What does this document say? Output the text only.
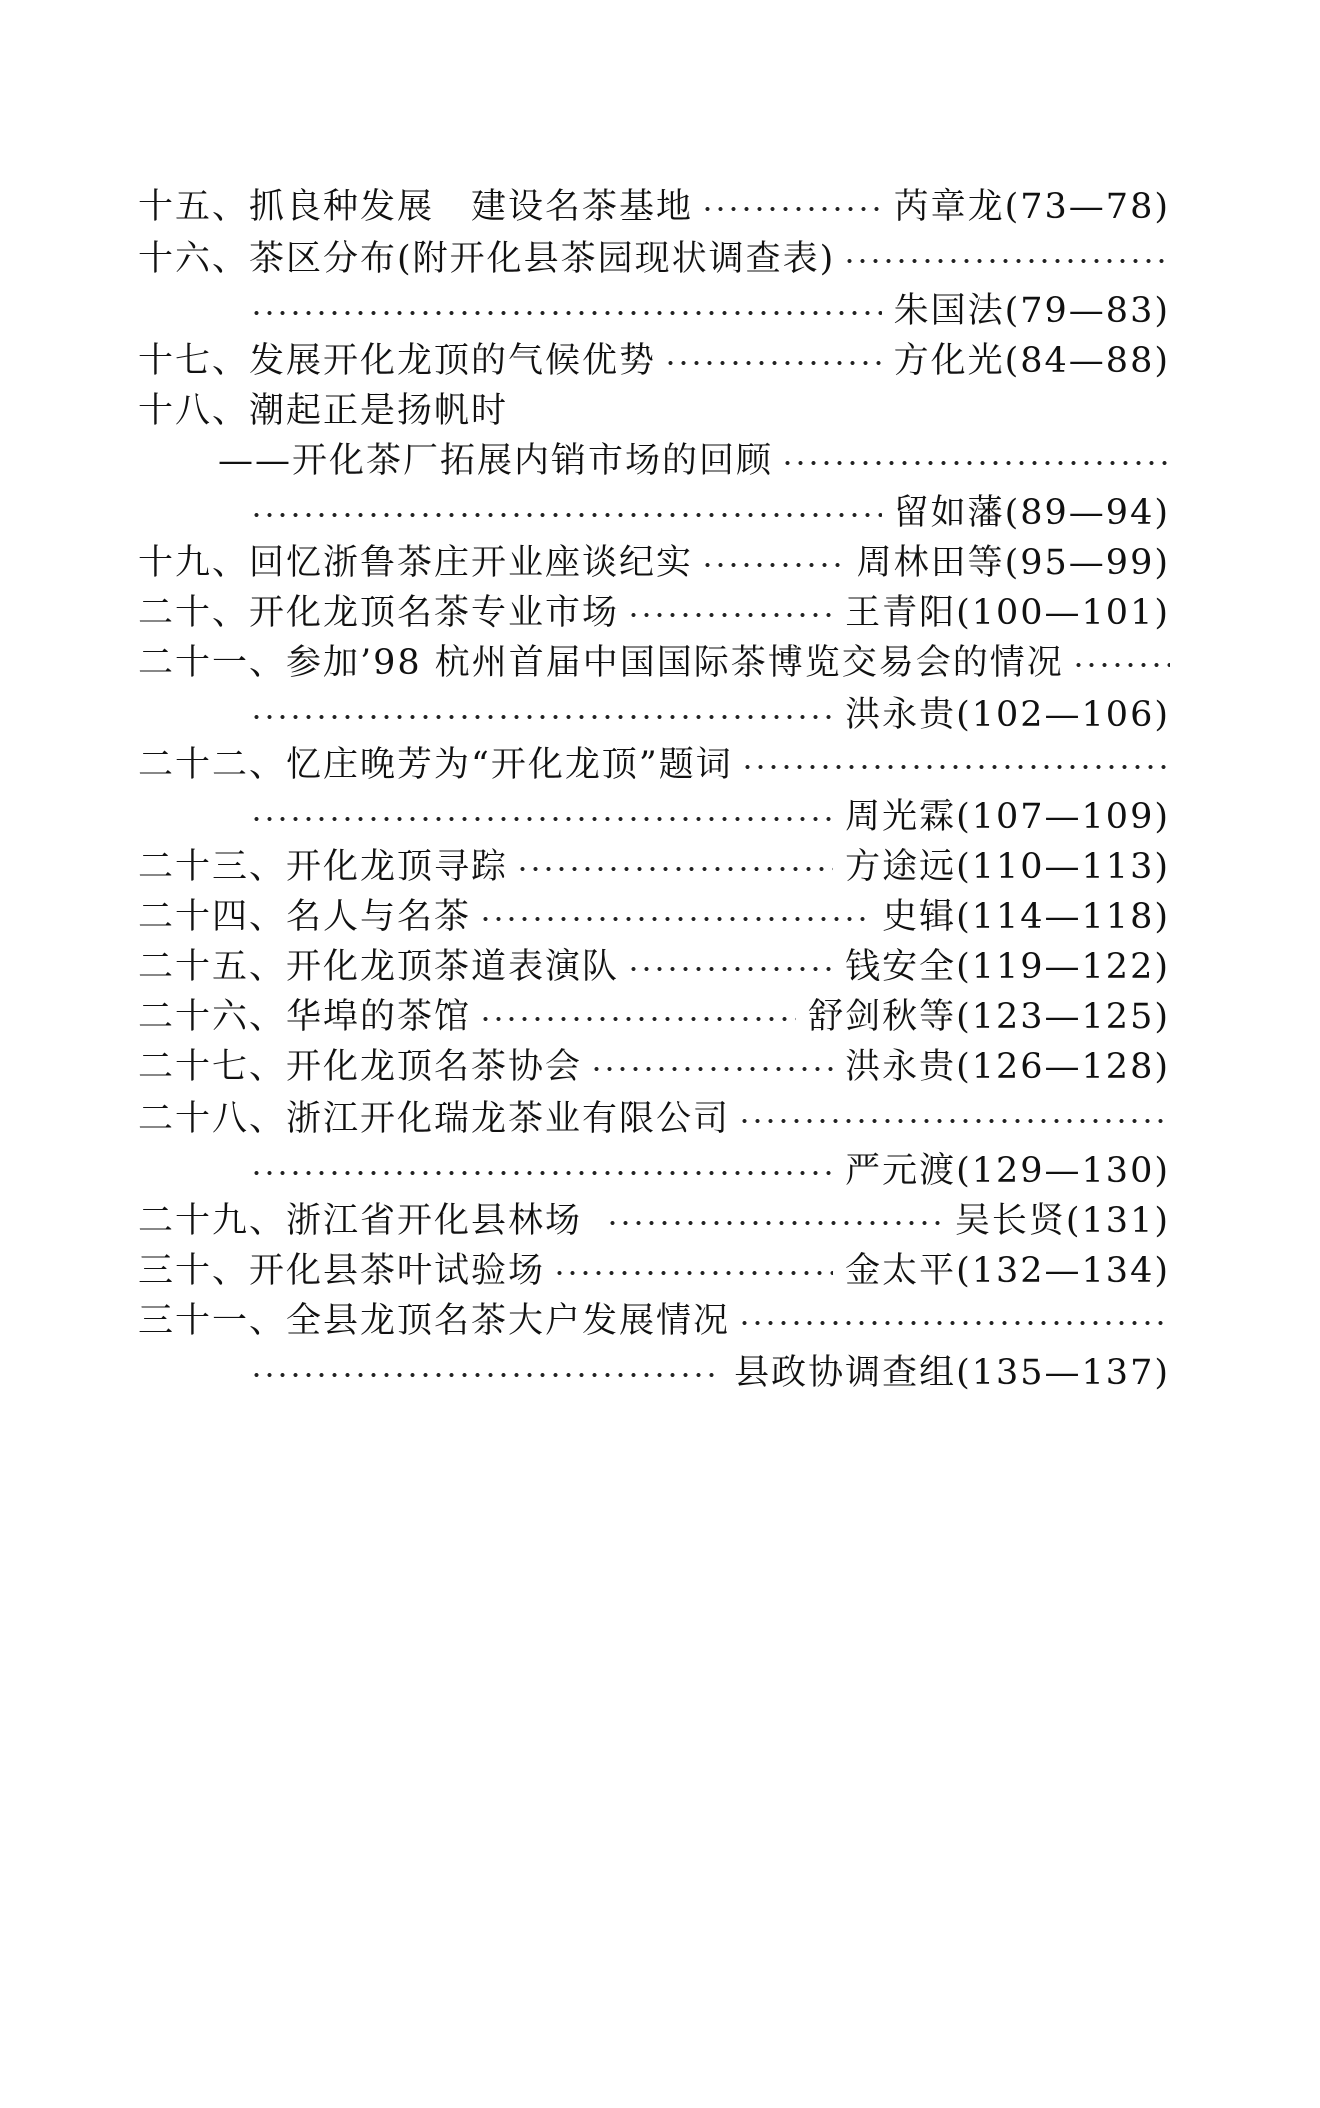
十五、抓良种发展　建设名茶基地	芮章龙(73—78)
十六、茶区分布(附开化县茶园现状调查表)
朱国法(79—83)
十七、发展开化龙顶的气候优势	方化光(84—88)
十八、潮起正是扬帆时
——开化茶厂拓展内销市场的回顾
留如藩(89—94)
十九、回忆浙鲁茶庄开业座谈纪实	周林田等(95—99)
二十、开化龙顶名茶专业市场	王青阳(100—101)
二十一、参加’98 杭州首届中国国际茶博览交易会的情况
洪永贵(102—106)
二十二、忆庄晚芳为“开化龙顶”题词
周光霖(107—109)
二十三、开化龙顶寻踪	方途远(110—113)
二十四、名人与名茶	史辑(114—118)
二十五、开化龙顶茶道表演队	钱安全(119—122)
二十六、华埠的茶馆	舒剑秋等(123—125)
二十七、开化龙顶名茶协会	洪永贵(126—128)
二十八、浙江开化瑞龙茶业有限公司
严元渡(129—130)
二十九、浙江省开化县林场	吴长贤(131)
三十、开化县茶叶试验场	金太平(132—134)
三十一、全县龙顶名茶大户发展情况
县政协调查组(135—137)
